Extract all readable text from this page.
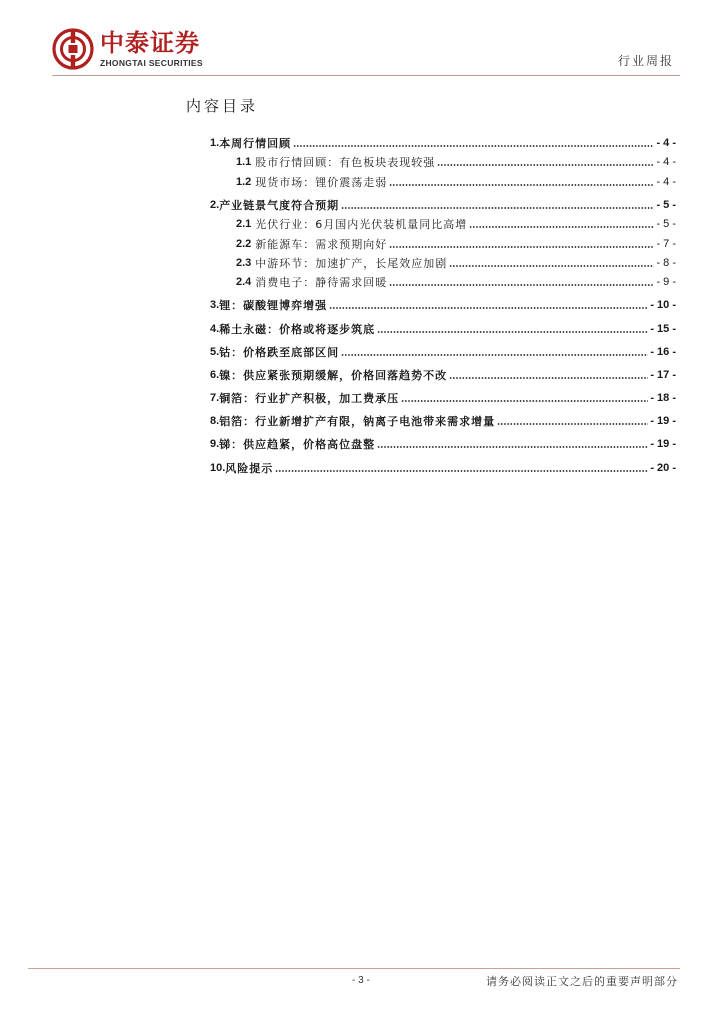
中泰证券
ZHONGTAI SECURITIES	行业周报
内容目录
1. 本周行情回顾	- 4 -
1.1 股市行情回顾：有色板块表现较强	- 4 -
1.2 现货市场：锂价震荡走弱	- 4 -
2. 产业链景气度符合预期	- 5 -
2.1 光伏行业：6月国内光伏装机量同比高增	- 5 -
2.2 新能源车：需求预期向好	- 7 -
2.3 中游环节：加速扩产，长尾效应加剧	- 8 -
2.4 消费电子：静待需求回暖	- 9 -
3. 锂：碳酸锂博弈增强	- 10 -
4. 稀土永磁：价格或将逐步筑底	- 15 -
5. 钴：价格跌至底部区间	- 16 -
6. 镍：供应紧张预期缓解，价格回落趋势不改	- 17 -
7. 铜箔：行业扩产积极，加工费承压	- 18 -
8. 铝箔：行业新增扩产有限，钠离子电池带来需求增量	- 19 -
9. 锑：供应趋紧，价格高位盘整	- 19 -
10. 风险提示	- 20 -
- 3 -	请务必阅读正文之后的重要声明部分
